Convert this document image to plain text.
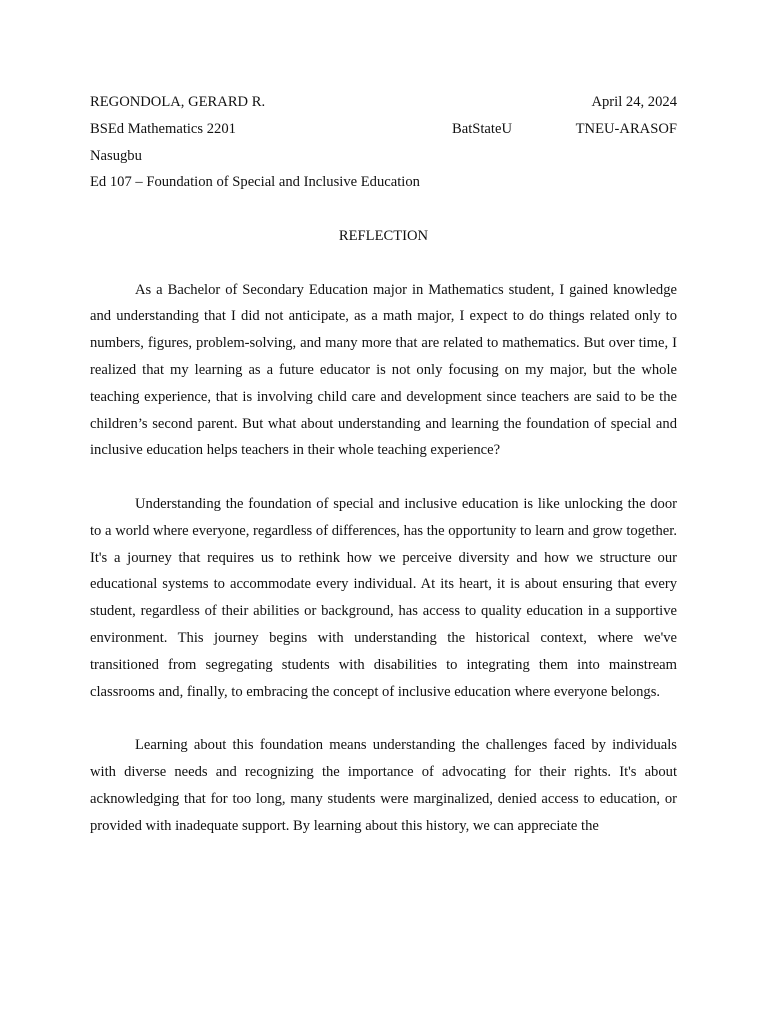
REGONDOLA, GERARD R.	April 24, 2024
BSEd Mathematics 2201	BatStateU	TNEU-ARASOF
Nasugbu
Ed 107 – Foundation of Special and Inclusive Education
REFLECTION

As a Bachelor of Secondary Education major in Mathematics student, I gained knowledge and understanding that I did not anticipate, as a math major, I expect to do things related only to numbers, figures, problem-solving, and many more that are related to mathematics. But over time, I realized that my learning as a future educator is not only focusing on my major, but the whole teaching experience, that is involving child care and development since teachers are said to be the children’s second parent. But what about understanding and learning the foundation of special and inclusive education helps teachers in their whole teaching experience?

Understanding the foundation of special and inclusive education is like unlocking the door to a world where everyone, regardless of differences, has the opportunity to learn and grow together. It's a journey that requires us to rethink how we perceive diversity and how we structure our educational systems to accommodate every individual. At its heart, it is about ensuring that every student, regardless of their abilities or background, has access to quality education in a supportive environment. This journey begins with understanding the historical context, where we've transitioned from segregating students with disabilities to integrating them into mainstream classrooms and, finally, to embracing the concept of inclusive education where everyone belongs.

Learning about this foundation means understanding the challenges faced by individuals with diverse needs and recognizing the importance of advocating for their rights. It's about acknowledging that for too long, many students were marginalized, denied access to education, or provided with inadequate support. By learning about this history, we can appreciate the
